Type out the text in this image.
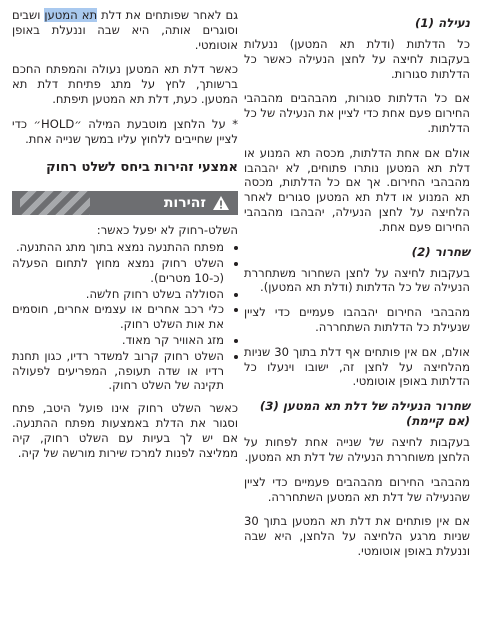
נעילה (1)

כל הדלתות (ודלת תא המטען) ננעלות בעקבות לחיצה על לחצן הנעילה כאשר כל הדלתות סגורות.

אם כל הדלתות סגורות, מהבהבים מהבהבי החירום פעם אחת כדי לציין את הנעילה של כל הדלתות.

אולם אם אחת הדלתות, מכסה תא המנוע או דלת תא המטען נותרו פתוחים, לא יהבהבו מהבהבי החירום. אך אם כל הדלתות, מכסה תא המנוע או דלת תא המטען סגורים לאחר הלחיצה על לחצן הנעילה, יהבהבו מהבהבי החירום פעם אחת.

שחרור (2)

בעקבות לחיצה על לחצן השחרור משתחררת הנעילה של כל הדלתות (ודלת תא המטען).

מהבהבי החירום יהבהבו פעמיים כדי לציין שנעילת כל הדלתות השתחררה.

אולם, אם אין פותחים אף דלת בתוך 30 שניות מהלחיצה על לחצן זה, ישובו וינעלו כל הדלתות באופן אוטומטי.

שחרור הנעילה של דלת תא המטען (3) (אם קיימת)

בעקבות לחיצה של שנייה אחת לפחות על הלחצן משוחררת הנעילה של דלת תא המטען.

מהבהבי החירום מהבהבים פעמיים כדי לציין שהנעילה של דלת תא המטען השתחררה.

אם אין פותחים את דלת תא המטען בתוך 30 שניות מרגע הלחיצה על הלחצן, היא שבה וננעלת באופן אוטומטי.

גם לאחר שפותחים את דלת תא המטען ושבים וסוגרים אותה, היא שבה וננעלת באופן אוטומטי.

כאשר דלת תא המטען נעולה והמפתח החכם ברשותך, לחץ על מתג פתיחת דלת תא המטען. כעת, דלת תא המטען תיפתח.

* על הלחצן מוטבעת המילה ״HOLD״ כדי לציין שחייבים ללחוץ עליו במשך שנייה אחת.

אמצעי זהירות ביחס לשלט רחוק
זהירות

השלט-רחוק לא יפעל כאשר:

• מפתח ההתנעה נמצא בתוך מתג ההתנעה.
• השלט רחוק נמצא מחוץ לתחום הפעלה (כ-10 מטרים).
• הסוללה בשלט רחוק חלשה.
• כלי רכב אחרים או עצמים אחרים, חוסמים את אות השלט רחוק.
• מזג האוויר קר מאוד.
• השלט רחוק קרוב למשדר רדיו, כגון תחנת רדיו או שדה תעופה, המפריעים לפעולה תקינה של השלט רחוק.

כאשר השלט רחוק אינו פועל היטב, פתח וסגור את הדלת באמצעות מפתח ההתנעה. אם יש לך בעיות עם השלט רחוק, קיה ממליצה לפנות למרכז שירות מורשה של קיה.
